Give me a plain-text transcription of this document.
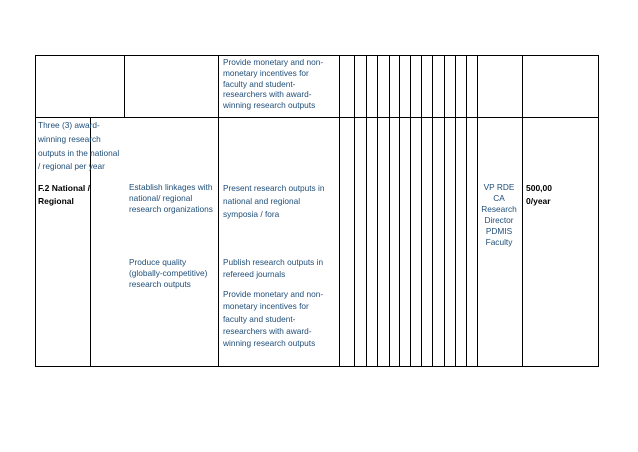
Provide monetary and non-monetary incentives for faculty and student-researchers with award-winning research outputs
Three (3) award-winning research outputs in the national / regional per year
F.2 National / Regional
Establish linkages with national/ regional research organizations
Produce quality (globally-competitive) research outputs
Present research outputs in national and regional symposia / fora
Publish research outputs in refereed journals
Provide monetary and non-monetary incentives for faculty and student-researchers with award-winning research outputs
VP RDE CA Research Director PDMIS Faculty
500,00 0/year
